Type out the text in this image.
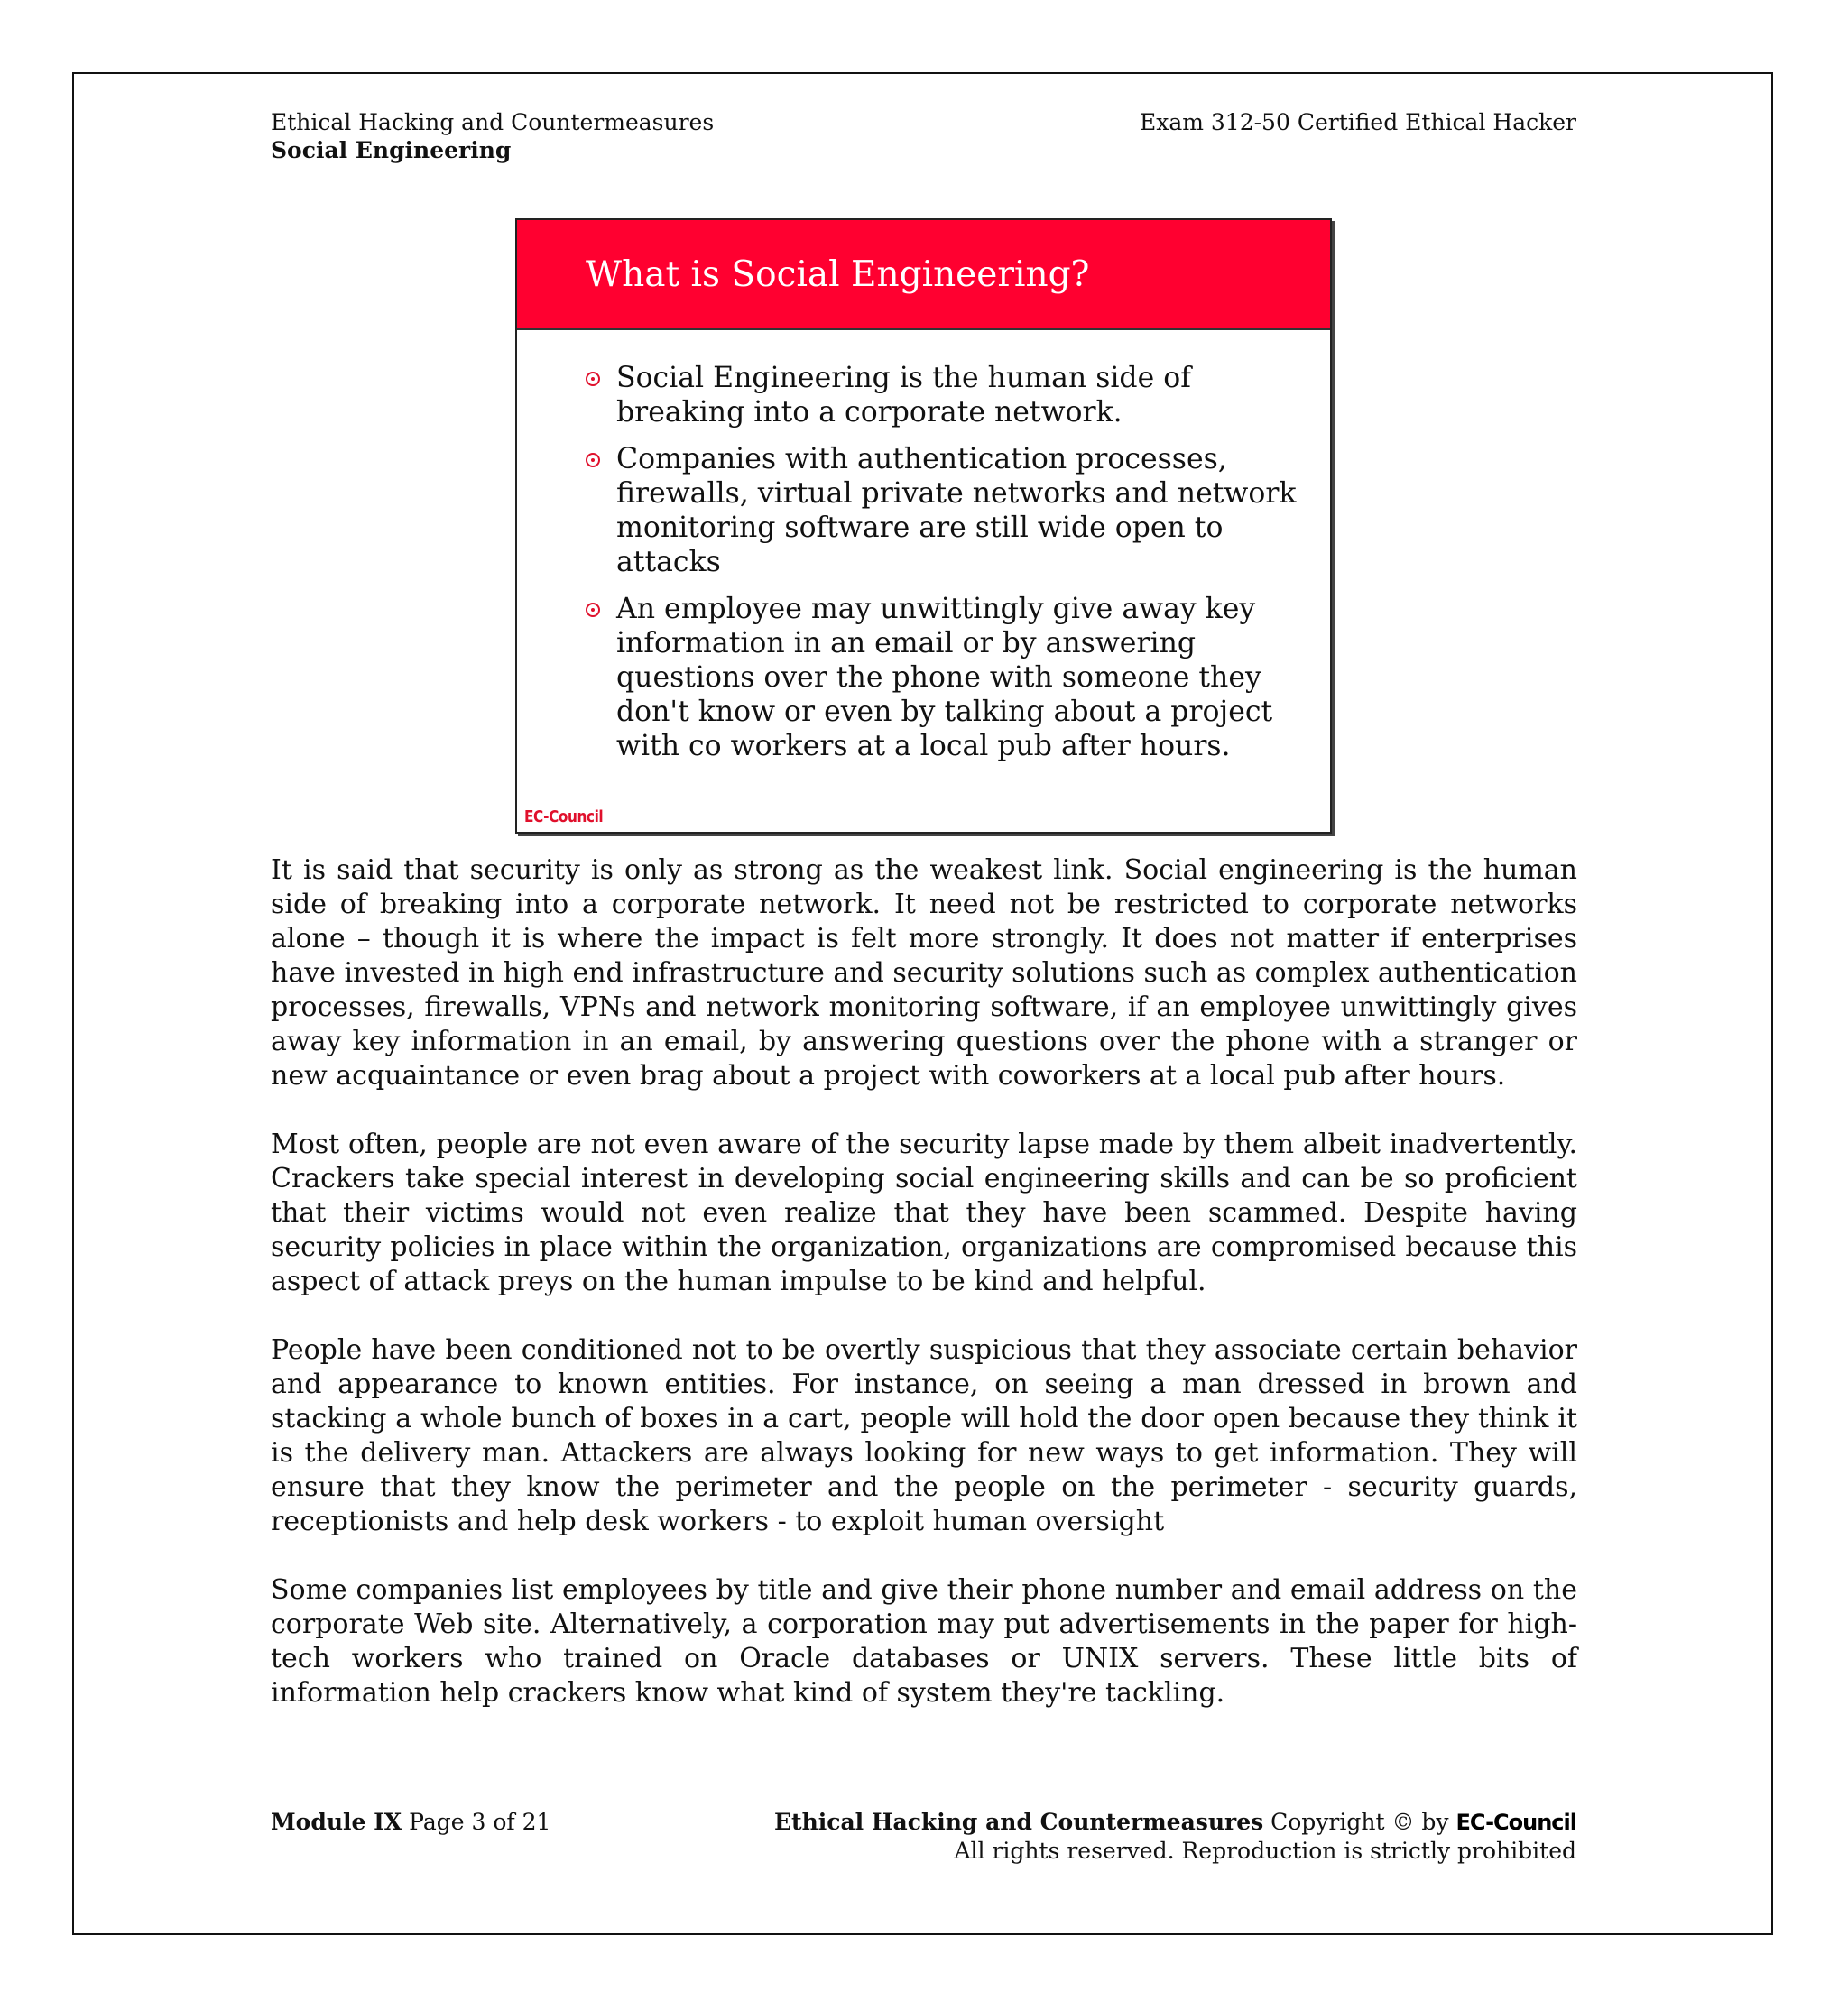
Ethical Hacking and Countermeasures
Social Engineering
Exam 312-50 Certified Ethical Hacker
What is Social Engineering?
Social Engineering is the human side of breaking into a corporate network.
Companies with authentication processes, firewalls, virtual private networks and network monitoring software are still wide open to attacks
An employee may unwittingly give away key information in an email or by answering questions over the phone with someone they don't know or even by talking about a project with co workers at a local pub after hours.
EC-Council

It is said that security is only as strong as the weakest link. Social engineering is the human side of breaking into a corporate network. It need not be restricted to corporate networks alone – though it is where the impact is felt more strongly. It does not matter if enterprises have invested in high end infrastructure and security solutions such as complex authentication processes, firewalls, VPNs and network monitoring software, if an employee unwittingly gives away key information in an email, by answering questions over the phone with a stranger or new acquaintance or even brag about a project with coworkers at a local pub after hours.

Most often, people are not even aware of the security lapse made by them albeit inadvertently. Crackers take special interest in developing social engineering skills and can be so proficient that their victims would not even realize that they have been scammed. Despite having security policies in place within the organization, organizations are compromised because this aspect of attack preys on the human impulse to be kind and helpful.

People have been conditioned not to be overtly suspicious that they associate certain behavior and appearance to known entities. For instance, on seeing a man dressed in brown and stacking a whole bunch of boxes in a cart, people will hold the door open because they think it is the delivery man. Attackers are always looking for new ways to get information. They will ensure that they know the perimeter and the people on the perimeter - security guards, receptionists and help desk workers - to exploit human oversight

Some companies list employees by title and give their phone number and email address on the corporate Web site. Alternatively, a corporation may put advertisements in the paper for high-tech workers who trained on Oracle databases or UNIX servers. These little bits of information help crackers know what kind of system they're tackling.

Module IX Page 3 of 21	Ethical Hacking and Countermeasures Copyright © by EC-Council
All rights reserved. Reproduction is strictly prohibited
